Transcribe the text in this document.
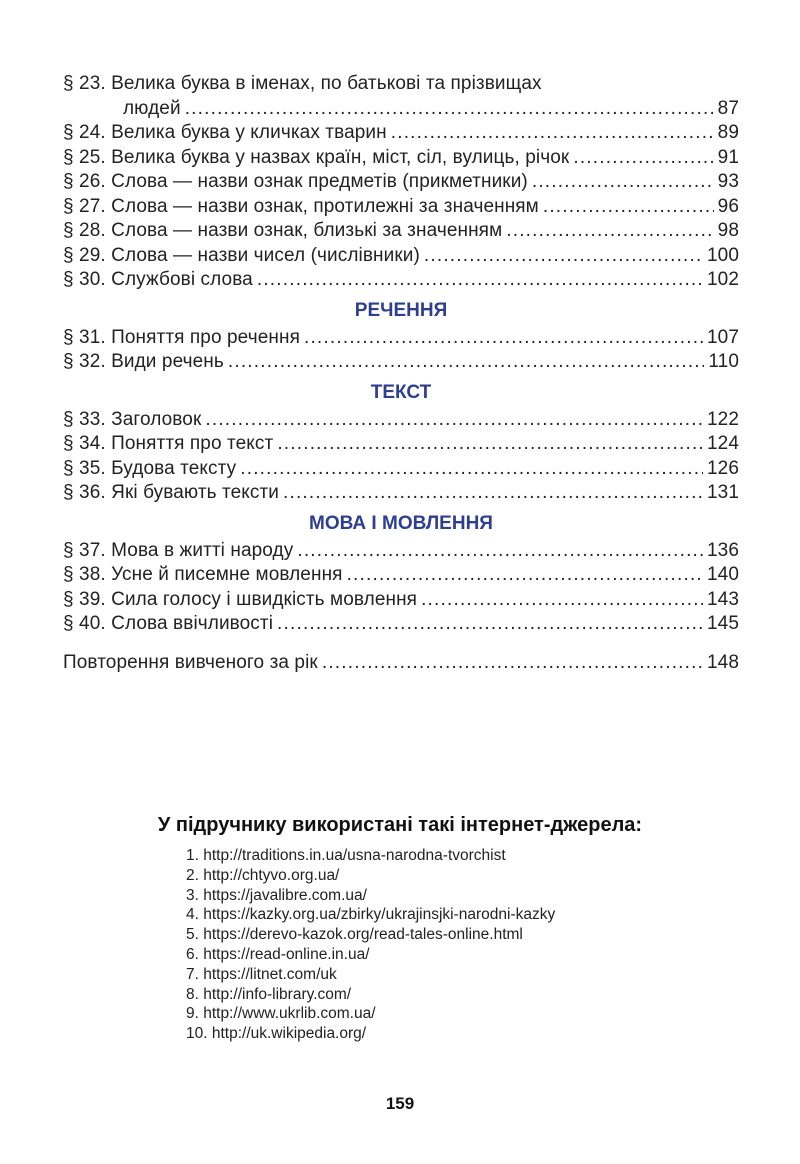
§ 23. Велика буква в іменах, по батькові та прізвищах
людей .....	87
§ 24. Велика буква у кличках тварин .....	89
§ 25. Велика буква у назвах країн, міст, сіл, вулиць, річок .....	91
§ 26. Слова — назви ознак предметів (прикметники) .....	93
§ 27. Слова — назви ознак, протилежні за значенням .....	96
§ 28. Слова — назви ознак, близькі за значенням .....	98
§ 29. Слова — назви чисел (числівники) .....	100
§ 30. Службові слова .....	102
РЕЧЕННЯ
§ 31. Поняття про речення .....	107
§ 32. Види речень .....	110
ТЕКСТ
§ 33. Заголовок .....	122
§ 34. Поняття про текст .....	124
§ 35. Будова тексту .....	126
§ 36. Які бувають тексти .....	131
МОВА І МОВЛЕННЯ
§ 37. Мова в житті народу .....	136
§ 38. Усне й писемне мовлення .....	140
§ 39. Сила голосу і швидкість мовлення .....	143
§ 40. Слова ввічливості .....	145
Повторення вивченого за рік .....	148
У підручнику використані такі інтернет-джерела:
1. http://traditions.in.ua/usna-narodna-tvorchist
2. http://chtyvo.org.ua/
3. https://javalibre.com.ua/
4. https://kazky.org.ua/zbirky/ukrajinsjki-narodni-kazky
5. https://derevo-kazok.org/read-tales-online.html
6. https://read-online.in.ua/
7. https://litnet.com/uk
8. http://info-library.com/
9. http://www.ukrlib.com.ua/
10. http://uk.wikipedia.org/
159
